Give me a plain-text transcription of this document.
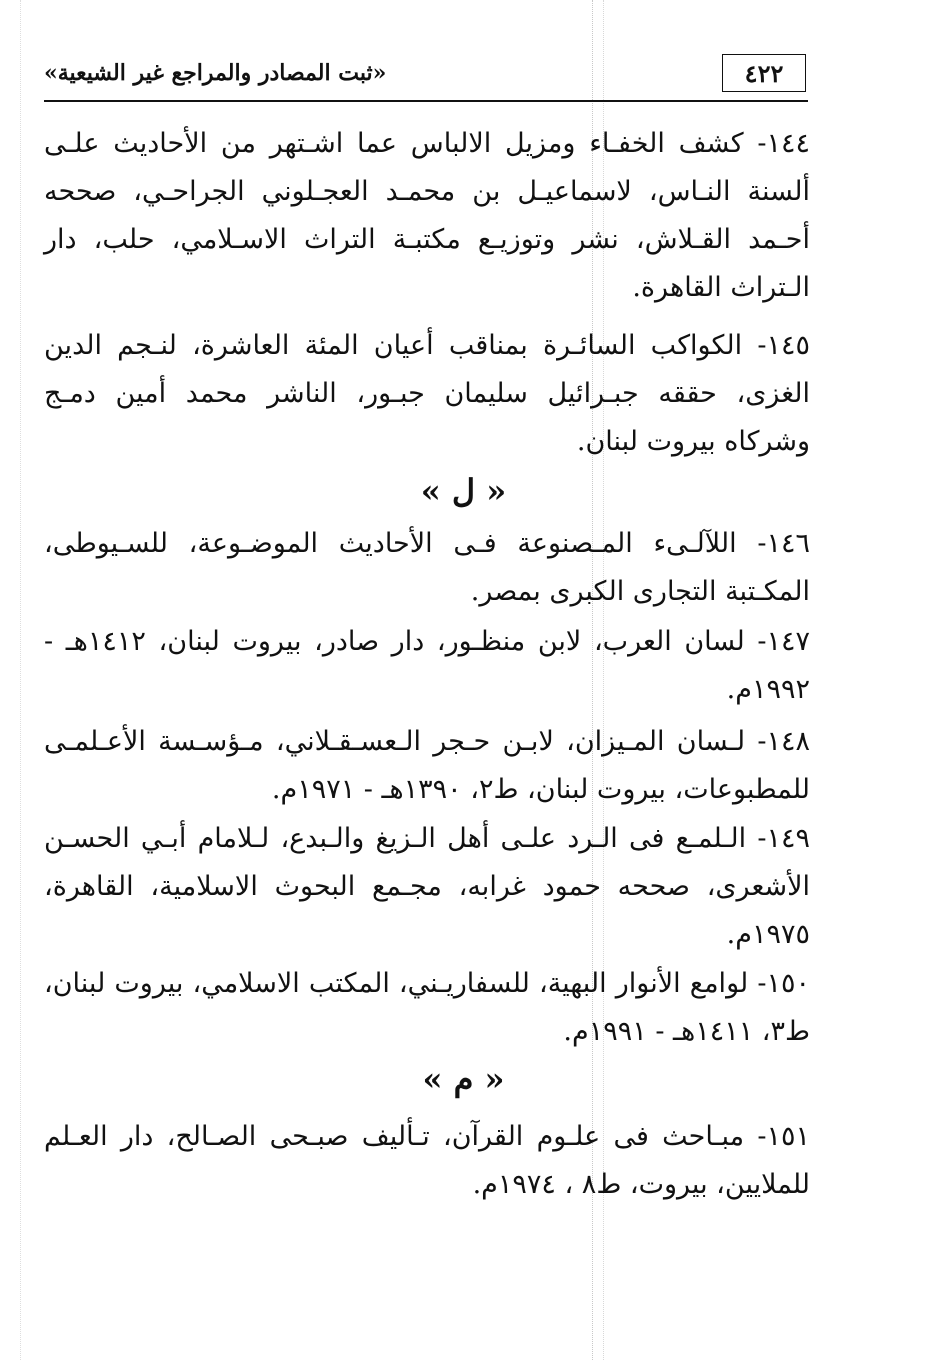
٤٢٢
«ثبت المصادر والمراجع غير الشيعية»
١٤٤- كشف الخفـاء ومزيل الالباس عما اشـتهر من الأحاديث علـى ألسنة النـاس، لاسماعيـل بن محمـد العجـلوني الجراحـي، صححه أحـمد القـلاش، نشر وتوزيـع مكتبـة التراث الاسـلامي، حلب، دار الـتراث القاهرة.
١٤٥- الكواكب السائـرة بمناقب أعيان المئة العاشرة، لنـجم الدين الغزى، حققه جبـرائيل سليمان جبـور، الناشر محمد أمين دمـج وشركاه بيروت لبنان.
« ل »
١٤٦- اللآلـىء المـصنوعة فـى الأحاديث الموضـوعة، للسـيوطى، المكـتبة التجارى الكبرى بمصر.
١٤٧- لسان العرب، لابن منظـور، دار صادر، بيروت لبنان، ١٤١٢هـ - ١٩٩٢م.
١٤٨- لـسان المـيزان، لابـن حـجر الـعسـقـلاني، مـؤسـسة الأعـلمـى للمطبوعات، بيروت لبنان، ط٢، ١٣٩٠هـ - ١٩٧١م.
١٤٩- الـلمـع فى الـرد علـى أهل الـزيغ والـبدع، لـلامام أبـي الحسـن الأشعرى، صححه حمود غرابه، مجـمع البحوث الاسلامية، القاهرة، ١٩٧٥م.
١٥٠- لوامع الأنوار البهية، للسفاريـني، المكتب الاسلامي، بيروت لبنان، ط٣، ١٤١١هـ - ١٩٩١م.
« م »
١٥١- مبـاحث فى علـوم القرآن، تـأليف صبـحى الصـالح، دار العـلم للملايين، بيروت، ط٨ ، ١٩٧٤م.
